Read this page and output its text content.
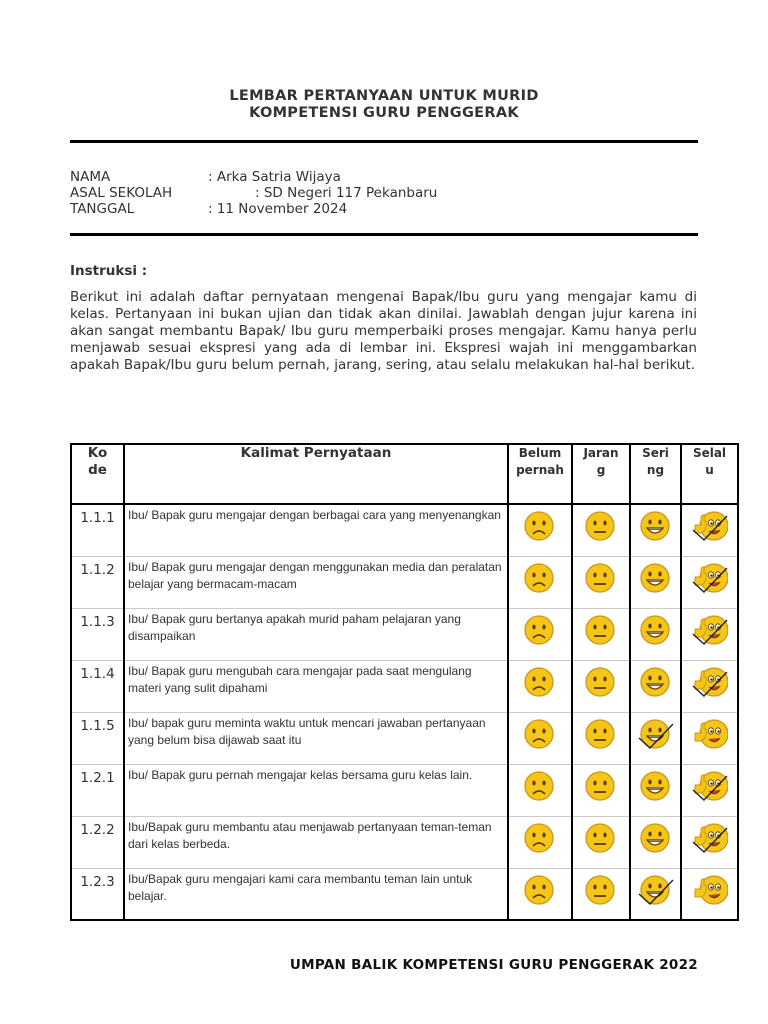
LEMBAR PERTANYAAN UNTUK MURID
KOMPETENSI GURU PENGGERAK
NAMA	: Arka Satria Wijaya
ASAL SEKOLAH	: SD Negeri 117 Pekanbaru
TANGGAL	: 11 November 2024
Instruksi :
Berikut ini adalah daftar pernyataan mengenai Bapak/Ibu guru yang mengajar kamu di kelas. Pertanyaan ini bukan ujian dan tidak akan dinilai. Jawablah dengan jujur karena ini akan sangat membantu Bapak/ Ibu guru memperbaiki proses mengajar. Kamu hanya perlu menjawab sesuai ekspresi yang ada di lembar ini. Ekspresi wajah ini menggambarkan apakah Bapak/Ibu guru belum pernah, jarang, sering, atau selalu melakukan hal-hal berikut.
Kode	Kalimat Pernyataan	Belum pernah	Jarang	Sering	Selalu

1.1.1	Ibu/ Bapak guru mengajar dengan berbagai cara yang menyenangkan	

1.1.2	Ibu/ Bapak guru mengajar dengan menggunakan media dan peralatan belajar yang bermacam-macam	

1.1.3	Ibu/ Bapak guru bertanya apakah murid paham pelajaran yang disampaikan	

1.1.4	Ibu/ Bapak guru mengubah cara mengajar pada saat mengulang materi yang sulit dipahami	

1.1.5	Ibu/ bapak guru meminta waktu untuk mencari jawaban pertanyaan yang belum bisa dijawab saat itu	

1.2.1	Ibu/ Bapak guru pernah mengajar kelas bersama guru kelas lain.	

1.2.2	Ibu/Bapak guru membantu atau menjawab pertanyaan teman-teman dari kelas berbeda.	

1.2.3	Ibu/Bapak guru mengajari kami cara membantu teman lain untuk belajar.	

UMPAN BALIK KOMPETENSI GURU PENGGERAK 2022
